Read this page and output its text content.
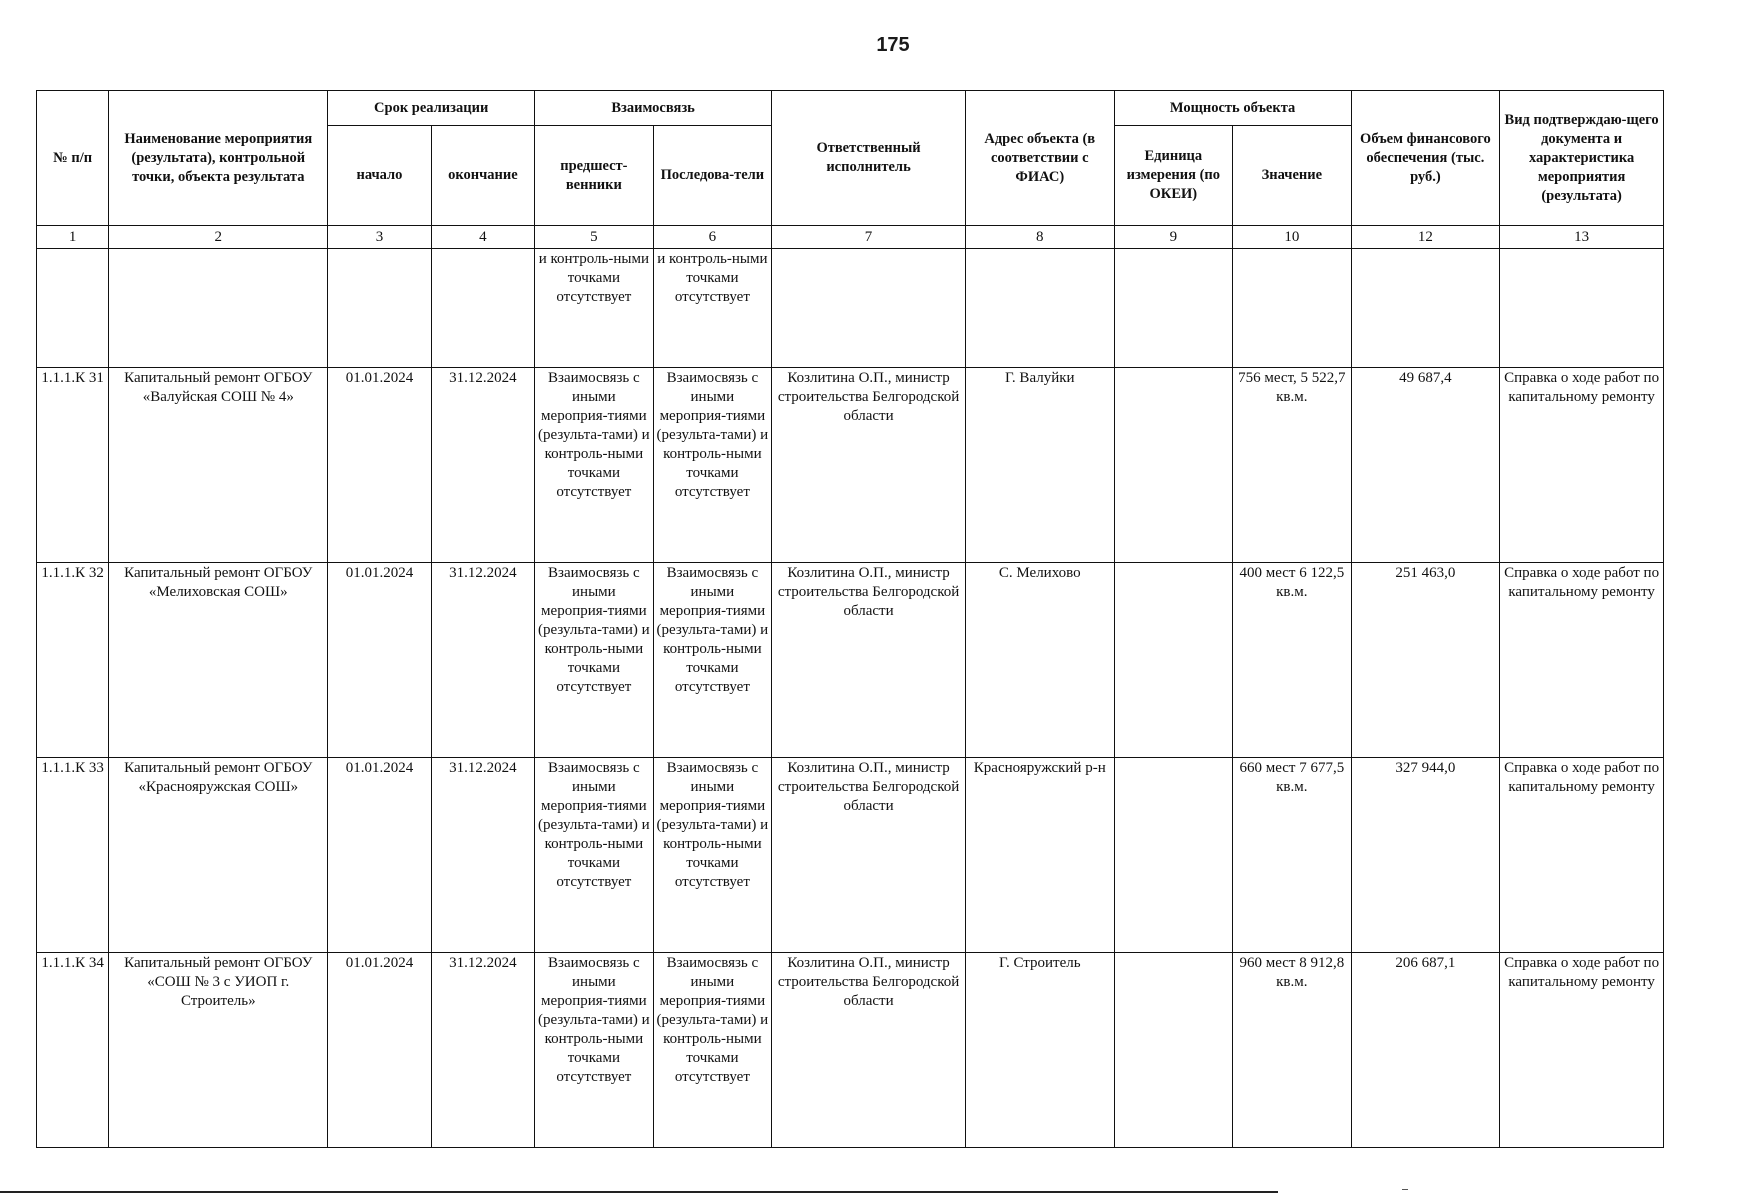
175
№ п/п	Наименование мероприятия (результата), контрольной точки, объекта результата	Срок реализации		Взаимосвязь		Ответственный исполнитель	Адрес объекта (в соответствии с ФИАС)	Мощность объекта		Объем финансового обеспечения (тыс. руб.)	Вид подтверждаю-щего документа и характеристика мероприятия (результата)
		начало	окончание	предшест-венники	Последова-тели			Единица измерения (по ОКЕИ)	Значение		
1	2	3	4	5	6	7	8	9	10	12	13
				и контроль-ными точками отсутствует	и контроль-ными точками отсутствует						
1.1.1.К 31	Капитальный ремонт ОГБОУ «Валуйская СОШ № 4»	01.01.2024	31.12.2024	Взаимосвязь с иными мероприя-тиями (результа-тами) и контроль-ными точками отсутствует	Взаимосвязь с иными мероприя-тиями (результа-тами) и контроль-ными точками отсутствует	Козлитина О.П., министр строительства Белгородской области	Г. Валуйки		756 мест, 5 522,7 кв.м.	49 687,4	Справка о ходе работ по капитальному ремонту
1.1.1.К 32	Капитальный ремонт ОГБОУ «Мелиховская СОШ»	01.01.2024	31.12.2024	Взаимосвязь с иными мероприя-тиями (результа-тами) и контроль-ными точками отсутствует	Взаимосвязь с иными мероприя-тиями (результа-тами) и контроль-ными точками отсутствует	Козлитина О.П., министр строительства Белгородской области	С. Мелихово		400 мест 6 122,5 кв.м.	251 463,0	Справка о ходе работ по капитальному ремонту
1.1.1.К 33	Капитальный ремонт ОГБОУ «Краснояружская СОШ»	01.01.2024	31.12.2024	Взаимосвязь с иными мероприя-тиями (результа-тами) и контроль-ными точками отсутствует	Взаимосвязь с иными мероприя-тиями (результа-тами) и контроль-ными точками отсутствует	Козлитина О.П., министр строительства Белгородской области	Краснояружский р-н		660 мест 7 677,5 кв.м.	327 944,0	Справка о ходе работ по капитальному ремонту
1.1.1.К 34	Капитальный ремонт ОГБОУ «СОШ № 3 с УИОП г. Строитель»	01.01.2024	31.12.2024	Взаимосвязь с иными мероприя-тиями (результа-тами) и контроль-ными точками отсутствует	Взаимосвязь с иными мероприя-тиями (результа-тами) и контроль-ными точками отсутствует	Козлитина О.П., министр строительства Белгородской области	Г. Строитель		960 мест 8 912,8 кв.м.	206 687,1	Справка о ходе работ по капитальному ремонту
